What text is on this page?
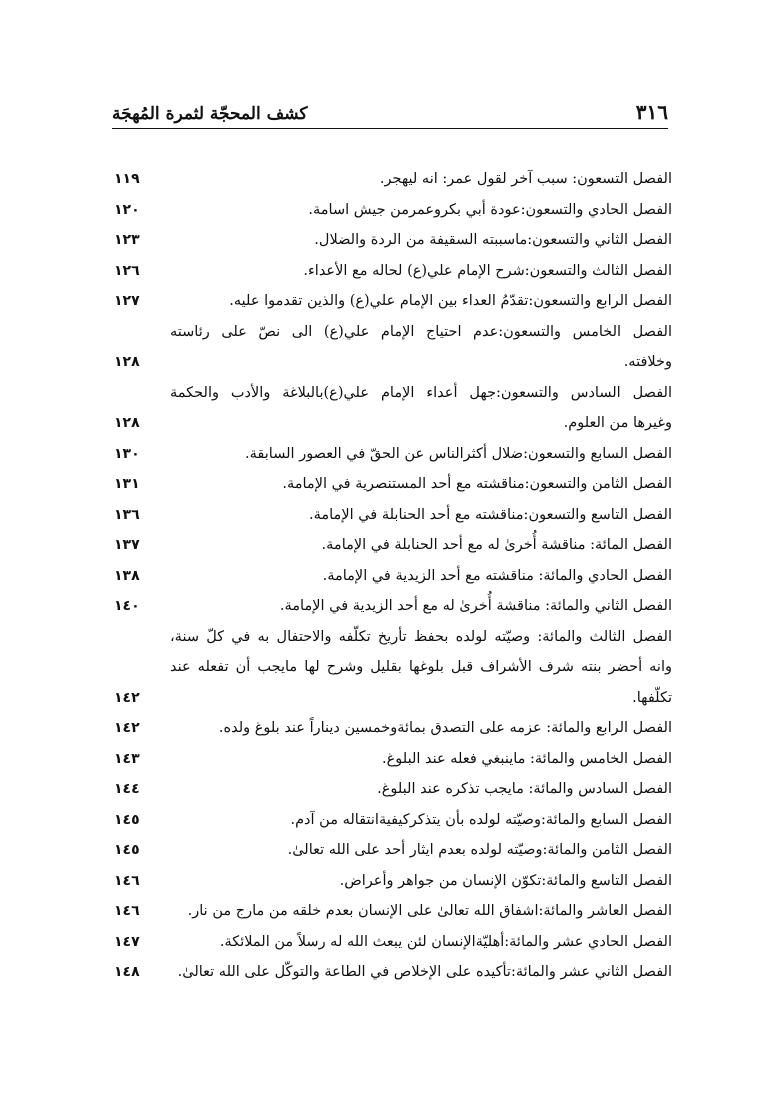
٣١٦
كشف المحجّة لثمرة المُهجَة
الفصل التسعون: سبب آخر لقول عمر: انه ليهجر.
١١٩
الفصل الحادي والتسعون:عودة أبي بكروعمرمن جيش اسامة.
١٢٠
الفصل الثاني والتسعون:ماسببته السقيفة من الردة والضلال.
١٢٣
الفصل الثالث والتسعون:شرح الإمام علي(ع) لحاله مع الأعداء.
١٢٦
الفصل الرابع والتسعون:تقدّمُ العداء بين الإمام علي(ع) والذين تقدموا عليه.
١٢٧
الفصل الخامس والتسعون:عدم احتياج الإمام علي(ع) الى نصّ على رئاسته
وخلافته.
١٢٨
الفصل السادس والتسعون:جهل أعداء الإمام علي(ع)بالبلاغة والأدب والحكمة
وغيرها من العلوم.
١٢٨
الفصل السابع والتسعون:ضلال أكثرالناس عن الحقّ في العصور السابقة.
١٣٠
الفصل الثامن والتسعون:مناقشته مع أحد المستنصرية في الإمامة.
١٣١
الفصل التاسع والتسعون:مناقشته مع أحد الحنابلة في الإمامة.
١٣٦
الفصل المائة: مناقشة أُخرىٰ له مع أحد الحنابلة في الإمامة.
١٣٧
الفصل الحادي والمائة: مناقشته مع أحد الزيدية في الإمامة.
١٣٨
الفصل الثاني والمائة: مناقشة أُخرىٰ له مع أحد الزيدية في الإمامة.
١٤٠
الفصل الثالث والمائة: وصيّته لولده بحفظ تأريخ تكلّفه والاحتفال به في كلّ سنة،
وانه أحضر بنته شرف الأشراف قبل بلوغها بقليل وشرح لها مايجب أن تفعله عند
تكلّفها.
١٤٢
الفصل الرابع والمائة: عزمه على التصدق بمائةوخمسين ديناراً عند بلوغ ولده.
١٤٢
الفصل الخامس والمائة: ماينبغي فعله عند البلوغ.
١٤٣
الفصل السادس والمائة: مايجب تذكره عند البلوغ.
١٤٤
الفصل السابع والمائة:وصيّته لولده بأن يتذكركيفيةانتقاله من آدم.
١٤٥
الفصل الثامن والمائة:وصيّته لولده بعدم ايثار أحد على الله تعالىٰ.
١٤٥
الفصل التاسع والمائة:تكوّن الإنسان من جواهر وأعراض.
١٤٦
الفصل العاشر والمائة:اشفاق الله تعالىٰ على الإنسان بعدم خلقه من مارج من نار.
١٤٦
الفصل الحادي عشر والمائة:أهليّةالإنسان لئن يبعث الله له رسلاً من الملائكة.
١٤٧
الفصل الثاني عشر والمائة:تأكيده على الإخلاص في الطاعة والتوكّل على الله تعالىٰ.
١٤٨
